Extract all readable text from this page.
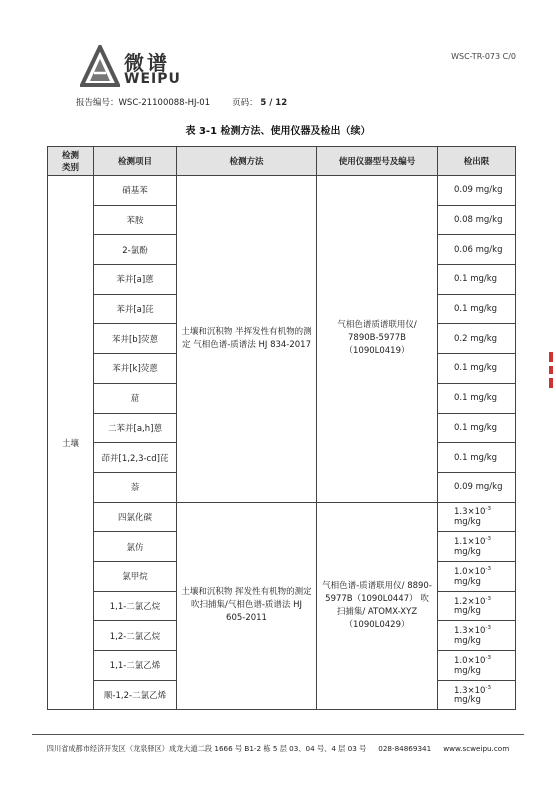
微谱
WEIPU
WSC-TR-073 C/0
报告编号：WSC-21100088-HJ-01	页码： 5 / 12
表 3-1 检测方法、使用仪器及检出（续）
检测
类别	检测项目	检测方法	使用仪器型号及编号	检出限
土壤	硝基苯	土壤和沉积物 半挥发性有机物的测定 气相色谱-质谱法 HJ 834-2017	气相色谱质谱联用仪/ 7890B-5977B （1090L0419）	0.09 mg/kg
	苯胺			0.08 mg/kg
	2-氯酚			0.06 mg/kg
	苯并[a]蒽			0.1 mg/kg
	苯并[a]芘			0.1 mg/kg
	苯并[b]荧蒽			0.2 mg/kg
	苯并[k]荧蒽			0.1 mg/kg
	䓛			0.1 mg/kg
	二苯并[a,h]蒽			0.1 mg/kg
	茚并[1,2,3-cd]芘			0.1 mg/kg
	萘			0.09 mg/kg
	四氯化碳	土壤和沉积物 挥发性有机物的测定 吹扫捕集/气相色谱-质谱法 HJ 605-2011	气相色谱-质谱联用仪/ 8890-5977B（1090L0447） 吹扫捕集/ ATOMX-XYZ （1090L0429）	$1.3\times 10^{-3}$ mg/kg
	氯仿			$1.1\times 10^{-3}$ mg/kg
	氯甲烷			$1.0\times 10^{-3}$ mg/kg
	1,1-二氯乙烷			$1.2\times 10^{-3}$ mg/kg
	1,2-二氯乙烷			$1.3\times 10^{-3}$ mg/kg
	1,1-二氯乙烯			$1.0\times 10^{-3}$ mg/kg
	顺-1,2-二氯乙烯			$1.3\times 10^{-3}$ mg/kg
四川省成都市经济开发区（龙泉驿区）成龙大道二段 1666 号 B1-2 栋 5 层 03、04 号、4 层 03 号 028-84869341 www.scweipu.com
